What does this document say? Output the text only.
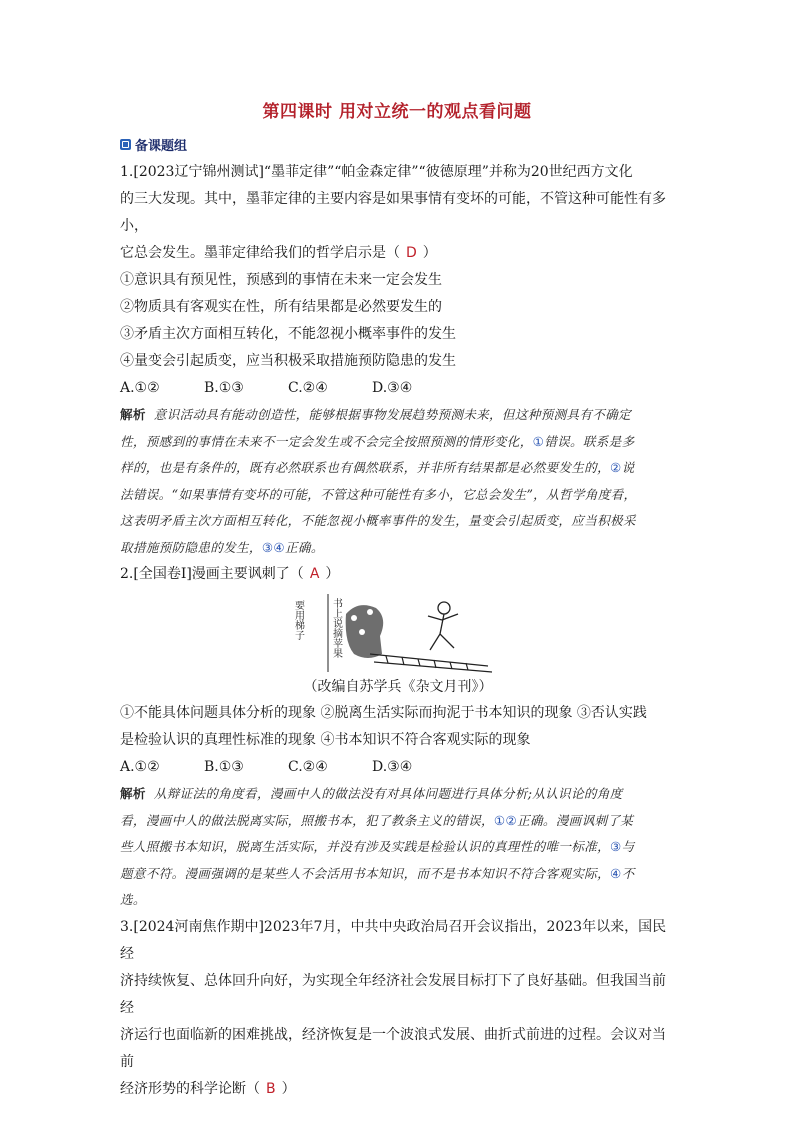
第四课时 用对立统一的观点看问题
备课题组

1.[2023辽宁锦州测试]“墨菲定律”“帕金森定律”“彼德原理”并称为20世纪西方文化

的三大发现。其中，墨菲定律的主要内容是如果事情有变坏的可能，不管这种可能性有多小，

它总会发生。墨菲定律给我们的哲学启示是（ D ）

①意识具有预见性，预感到的事情在未来一定会发生

②物质具有客观实在性，所有结果都是必然要发生的

③矛盾主次方面相互转化，不能忽视小概率事件的发生

④量变会引起质变，应当积极采取措施预防隐患的发生

A.①②	B.①③	C.②④	D.③④

解析 意识活动具有能动创造性，能够根据事物发展趋势预测未来，但这种预测具有不确定

性，预感到的事情在未来不一定会发生或不会完全按照预测的情形变化，①错误。联系是多

样的，也是有条件的，既有必然联系也有偶然联系，并非所有结果都是必然要发生的，②说

法错误。“如果事情有变坏的可能，不管这种可能性有多小，它总会发生”，从哲学角度看，

这表明矛盾主次方面相互转化，不能忽视小概率事件的发生，量变会引起质变，应当积极采

取措施预防隐患的发生，③④正确。

2.[全国卷Ⅰ]漫画主要讽刺了（ A ）

要用梯子	书上说摘苹果

（改编自苏学兵《杂文月刊》）

①不能具体问题具体分析的现象 ②脱离生活实际而拘泥于书本知识的现象 ③否认实践

是检验认识的真理性标准的现象 ④书本知识不符合客观实际的现象

A.①②	B.①③	C.②④	D.③④

解析 从辩证法的角度看，漫画中人的做法没有对具体问题进行具体分析;从认识论的角度

看，漫画中人的做法脱离实际，照搬书本，犯了教条主义的错误，①②正确。漫画讽刺了某

些人照搬书本知识，脱离生活实际，并没有涉及实践是检验认识的真理性的唯一标准，③与

题意不符。漫画强调的是某些人不会活用书本知识，而不是书本知识不符合客观实际，④不

选。

3.[2024河南焦作期中]2023年7月，中共中央政治局召开会议指出，2023年以来，国民经

济持续恢复、总体回升向好，为实现全年经济社会发展目标打下了良好基础。但我国当前经

济运行也面临新的困难挑战，经济恢复是一个波浪式发展、曲折式前进的过程。会议对当前

经济形势的科学论断（ B ）
